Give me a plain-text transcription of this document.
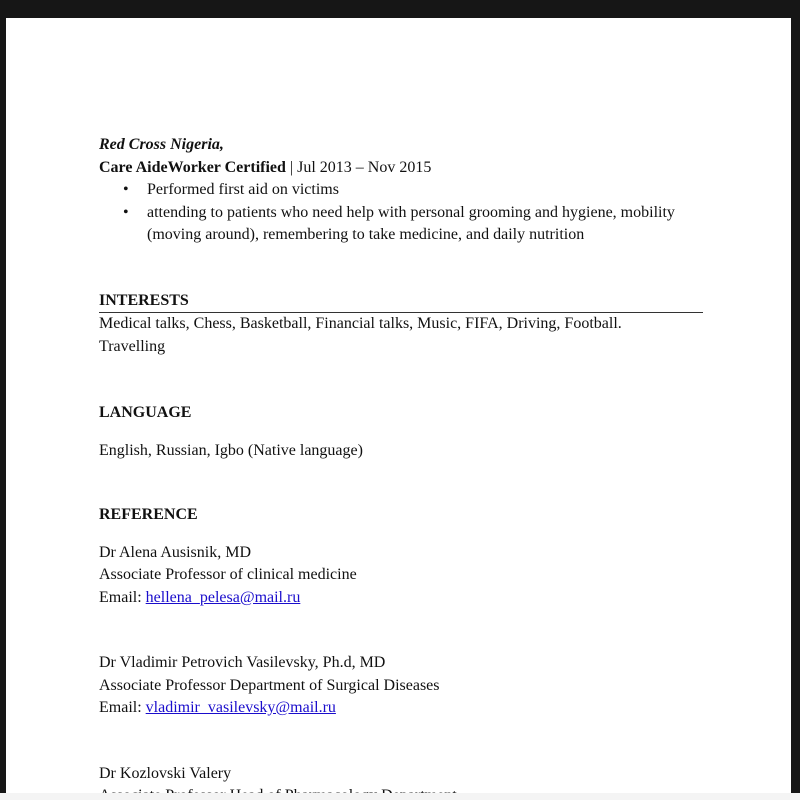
Red Cross Nigeria,
Care AideWorker Certified | Jul 2013 – Nov 2015
• Performed first aid on victims
• attending to patients who need help with personal grooming and hygiene, mobility
(moving around), remembering to take medicine, and daily nutrition
INTERESTS
Medical talks, Chess, Basketball, Financial talks, Music, FIFA, Driving, Football.
Travelling
LANGUAGE
English, Russian, Igbo (Native language)
REFERENCE
Dr Alena Ausisnik, MD
Associate Professor of clinical medicine
Email: hellena_pelesa@mail.ru
Dr Vladimir Petrovich Vasilevsky, Ph.d, MD
Associate Professor Department of Surgical Diseases
Email: vladimir_vasilevsky@mail.ru
Dr Kozlovski Valery
